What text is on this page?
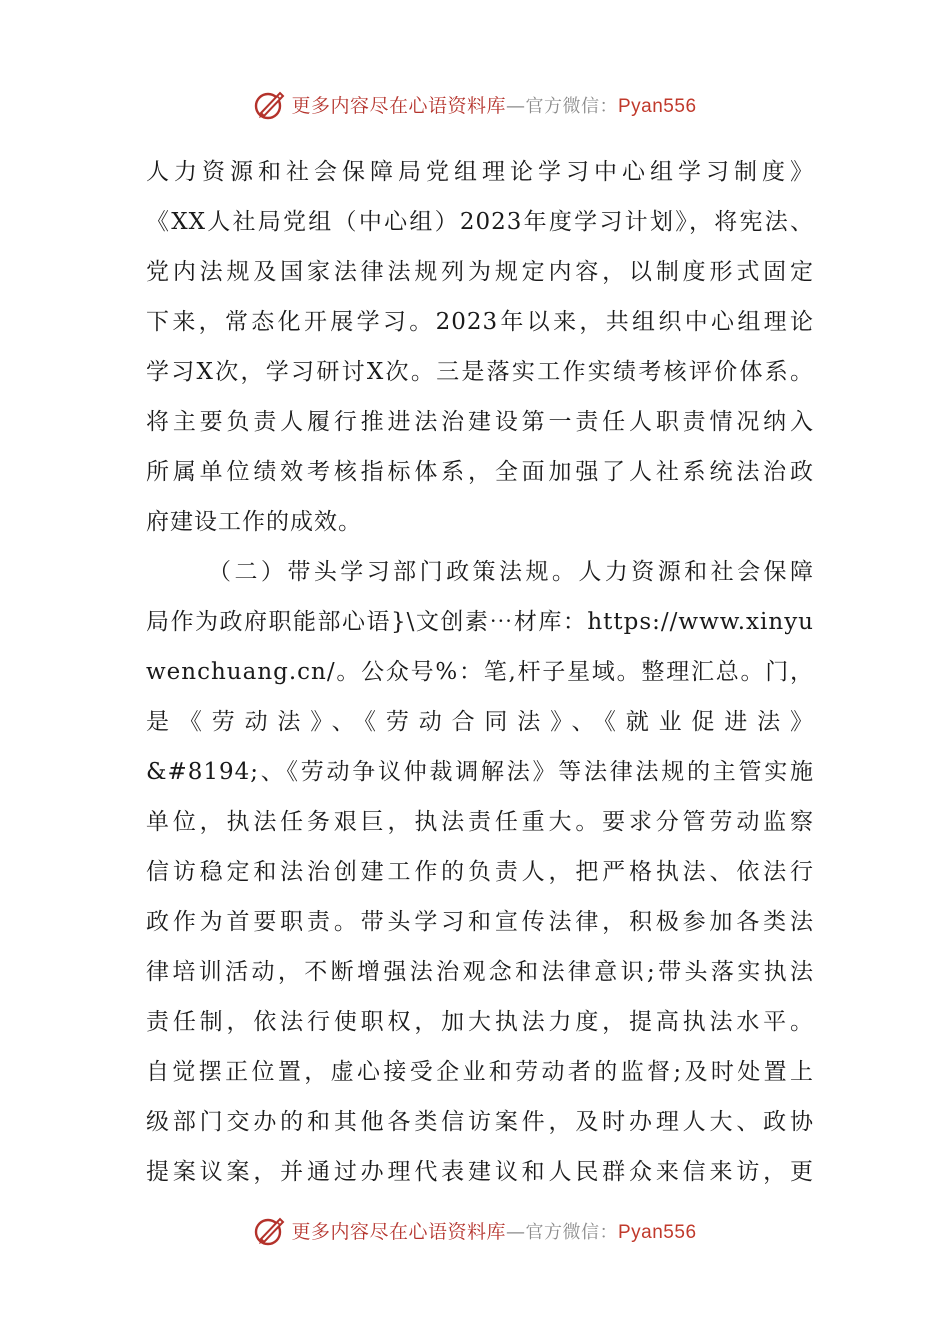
更多内容尽在心语资料库—官方微信：Pyan556
人力资源和社会保障局党组理论学习中心组学习制度》
《XX人社局党组（中心组）2023年度学习计划》，将宪法、
党内法规及国家法律法规列为规定内容，以制度形式固定
下来，常态化开展学习。2023年以来，共组织中心组理论
学习X次，学习研讨X次。三是落实工作实绩考核评价体系。
将主要负责人履行推进法治建设第一责任人职责情况纳入
所属单位绩效考核指标体系，全面加强了人社系统法治政
府建设工作的成效。
（二）带头学习部门政策法规。人力资源和社会保障
局作为政府职能部心语}\文创素⋯材库：https://www.xinyu
wenchuang.cn/。公众号%：笔,杆子星域。整理汇总。门，
是《劳动法》、《劳动合同法》、《就业促进法》
&#8194;、《劳动争议仲裁调解法》等法律法规的主管实施
单位，执法任务艰巨，执法责任重大。要求分管劳动监察
信访稳定和法治创建工作的负责人，把严格执法、依法行
政作为首要职责。带头学习和宣传法律，积极参加各类法
律培训活动，不断增强法治观念和法律意识;带头落实执法
责任制，依法行使职权，加大执法力度，提高执法水平。
自觉摆正位置，虚心接受企业和劳动者的监督;及时处置上
级部门交办的和其他各类信访案件，及时办理人大、政协
提案议案，并通过办理代表建议和人民群众来信来访，更
更多内容尽在心语资料库—官方微信：Pyan556
